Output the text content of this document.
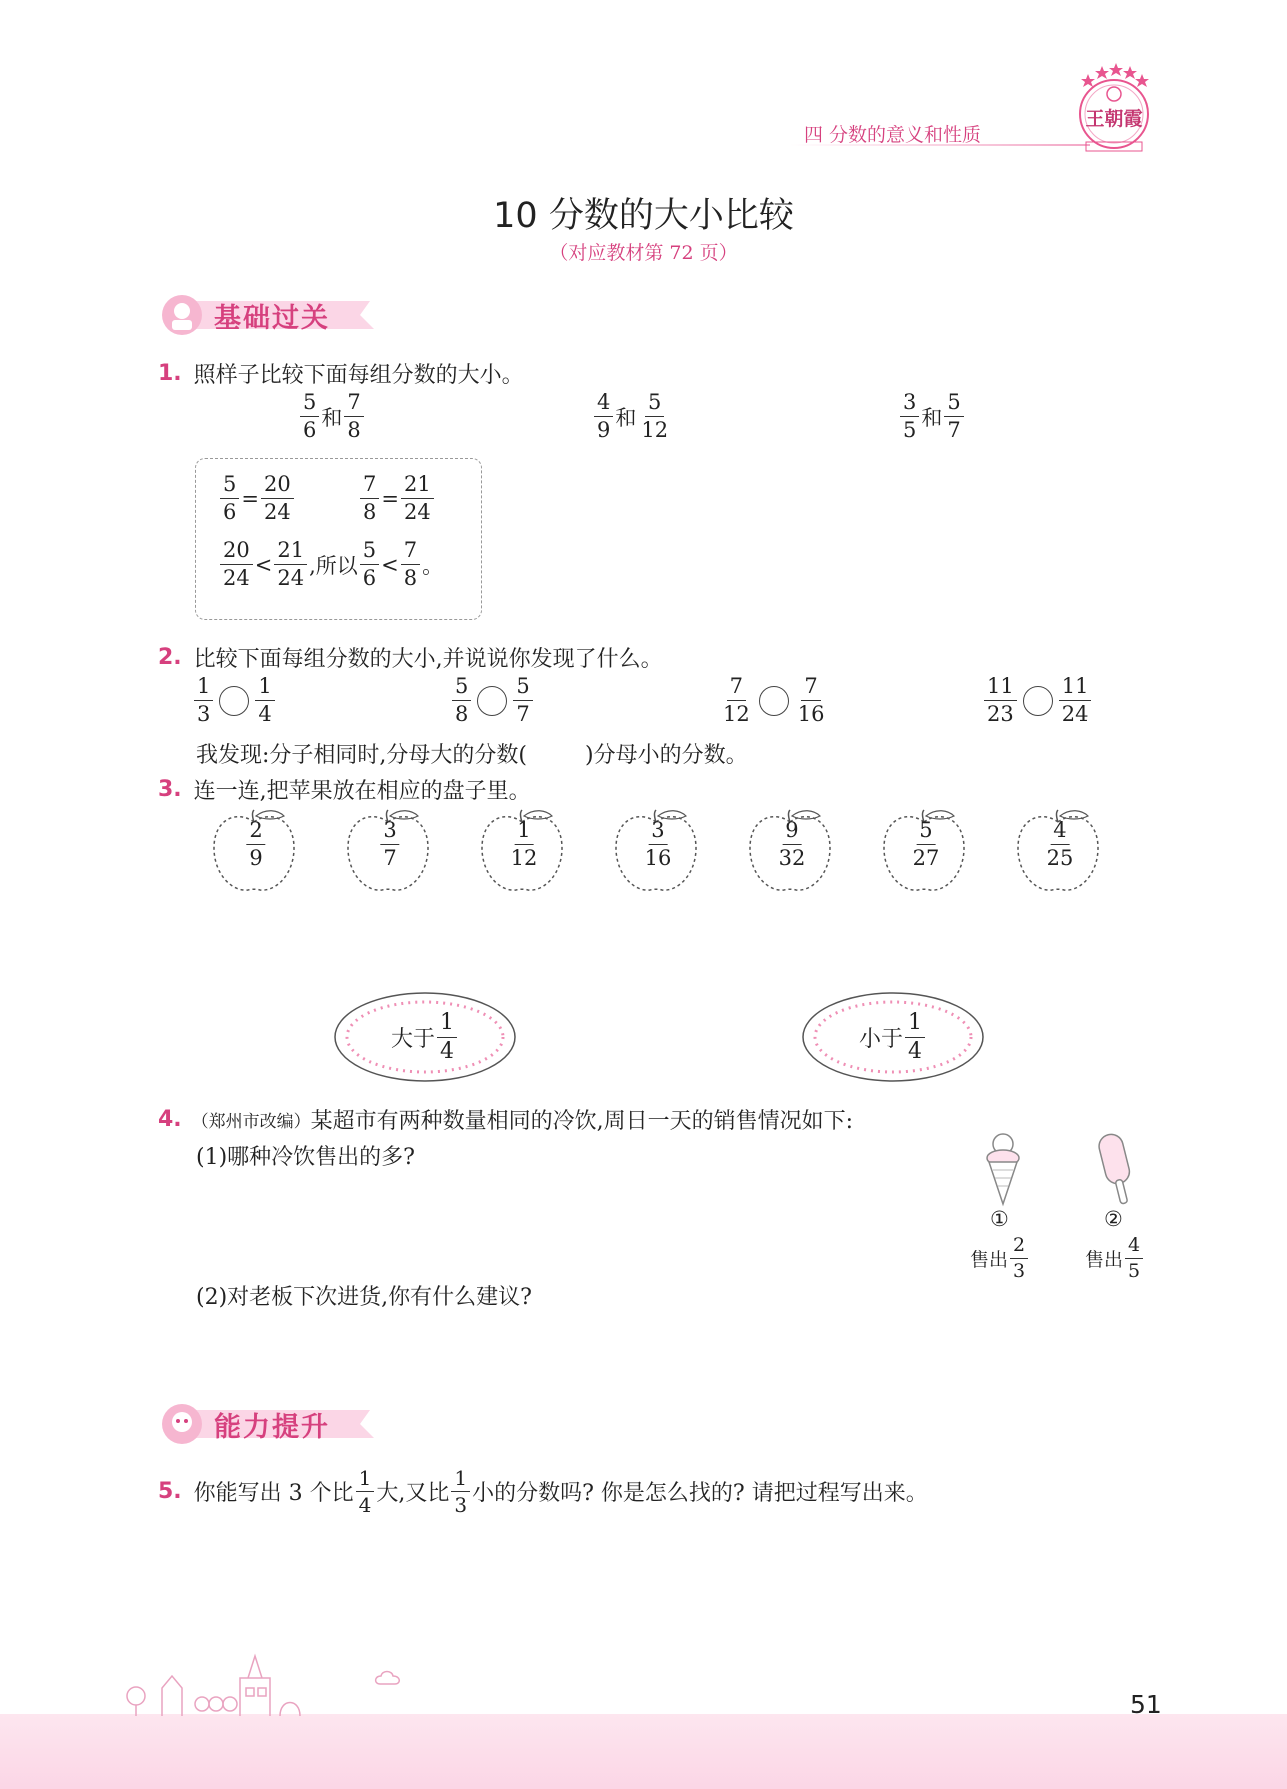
四 分数的意义和性质
王朝霞
10 分数的大小比较
（对应教材第 72 页）
基础过关
1. 照样子比较下面每组分数的大小。
$\frac{5}{6}$ 和 $\frac{7}{8}$	$\frac{4}{9}$ 和 $\frac{5}{12}$	$\frac{3}{5}$ 和 $\frac{5}{7}$
$\frac{5}{6} = \frac{20}{24}$	$\frac{7}{8} = \frac{21}{24}$
$\frac{20}{24} < \frac{21}{24}$ ,所以 $\frac{5}{6} < \frac{7}{8}$ 。
2. 比较下面每组分数的大小,并说说你发现了什么。
$\frac{1}{3} \frac{1}{4}$	$\frac{5}{8} \frac{5}{7}$	$\frac{7}{12} \frac{7}{16}$	$\frac{11}{23} \frac{11}{24}$
我发现:分子相同时,分母大的分数(	)分母小的分数。
3. 连一连,把苹果放在相应的盘子里。
$\frac{2}{9}$	$\frac{3}{7}$	$\frac{1}{12}$	$\frac{3}{16}$	$\frac{9}{32}$	$\frac{5}{27}$	$\frac{4}{25}$
大于 $\frac{1}{4}$	小于 $\frac{1}{4}$
4. （郑州市改编） 某超市有两种数量相同的冷饮,周日一天的销售情况如下:
(1)哪种冷饮售出的多?
(2)对老板下次进货,你有什么建议?
①	②
售出 $\frac{2}{3}$	售出 $\frac{4}{5}$
能力提升
5. 你能写出 3 个比 $\frac{1}{4}$ 大,又比 $\frac{1}{3}$ 小的分数吗? 你是怎么找的? 请把过程写出来。
51
